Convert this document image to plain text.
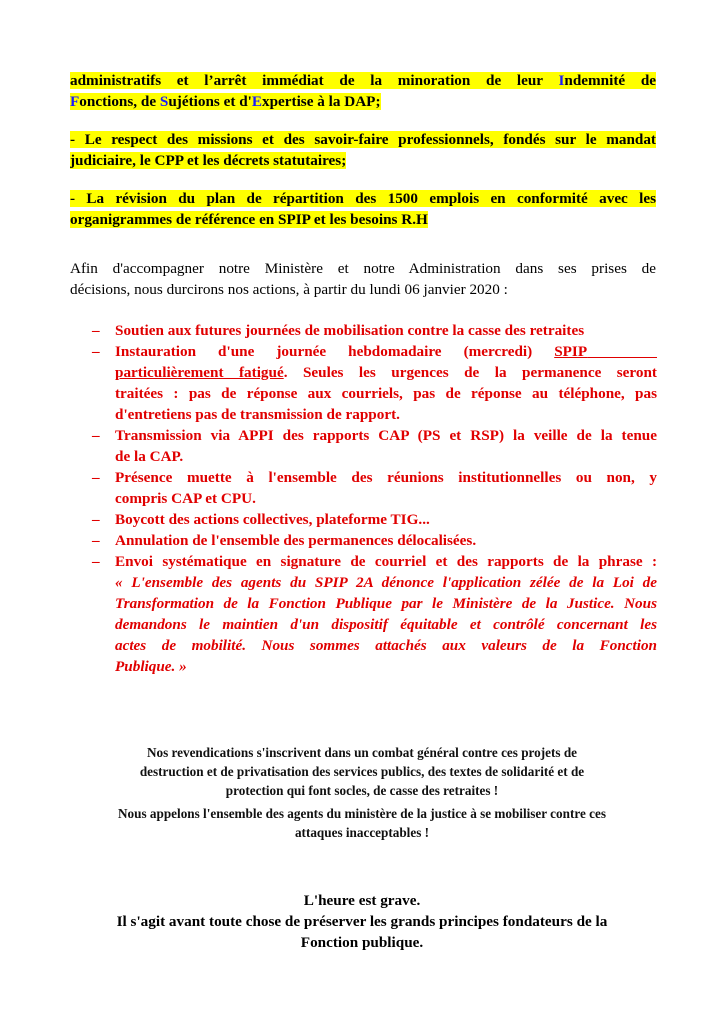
administratifs et l’arrêt immédiat de la minoration de leur Indemnité de
Fonctions, de Sujétions et d'Expertise à la DAP;
- Le respect des missions et des savoir-faire professionnels, fondés sur le mandat
judiciaire, le CPP et les décrets statutaires;
- La révision du plan de répartition des 1500 emplois en conformité avec les
organigrammes de référence en SPIP et les besoins R.H
Afin d'accompagner notre Ministère et notre Administration dans ses prises de
décisions, nous durcirons nos actions, à partir du lundi 06 janvier 2020 :
– Soutien aux futures journées de mobilisation contre la casse des retraites
– Instauration d'une journée hebdomadaire (mercredi) SPIP
particulièrement fatigué. Seules les urgences de la permanence seront
traitées : pas de réponse aux courriels, pas de réponse au téléphone, pas
d'entretiens pas de transmission de rapport.
– Transmission via APPI des rapports CAP (PS et RSP) la veille de la tenue
de la CAP.
– Présence muette à l'ensemble des réunions institutionnelles ou non, y
compris CAP et CPU.
– Boycott des actions collectives, plateforme TIG...
– Annulation de l'ensemble des permanences délocalisées.
– Envoi systématique en signature de courriel et des rapports de la phrase :
« L'ensemble des agents du SPIP 2A dénonce l'application zélée de la Loi de
Transformation de la Fonction Publique par le Ministère de la Justice. Nous
demandons le maintien d'un dispositif équitable et contrôlé concernant les
actes de mobilité. Nous sommes attachés aux valeurs de la Fonction
Publique. »
Nos revendications s'inscrivent dans un combat général contre ces projets de
destruction et de privatisation des services publics, des textes de solidarité et de
protection qui font socles, de casse des retraites !
Nous appelons l'ensemble des agents du ministère de la justice à se mobiliser contre ces
attaques inacceptables !
L'heure est grave.
Il s'agit avant toute chose de préserver les grands principes fondateurs de la
Fonction publique.
